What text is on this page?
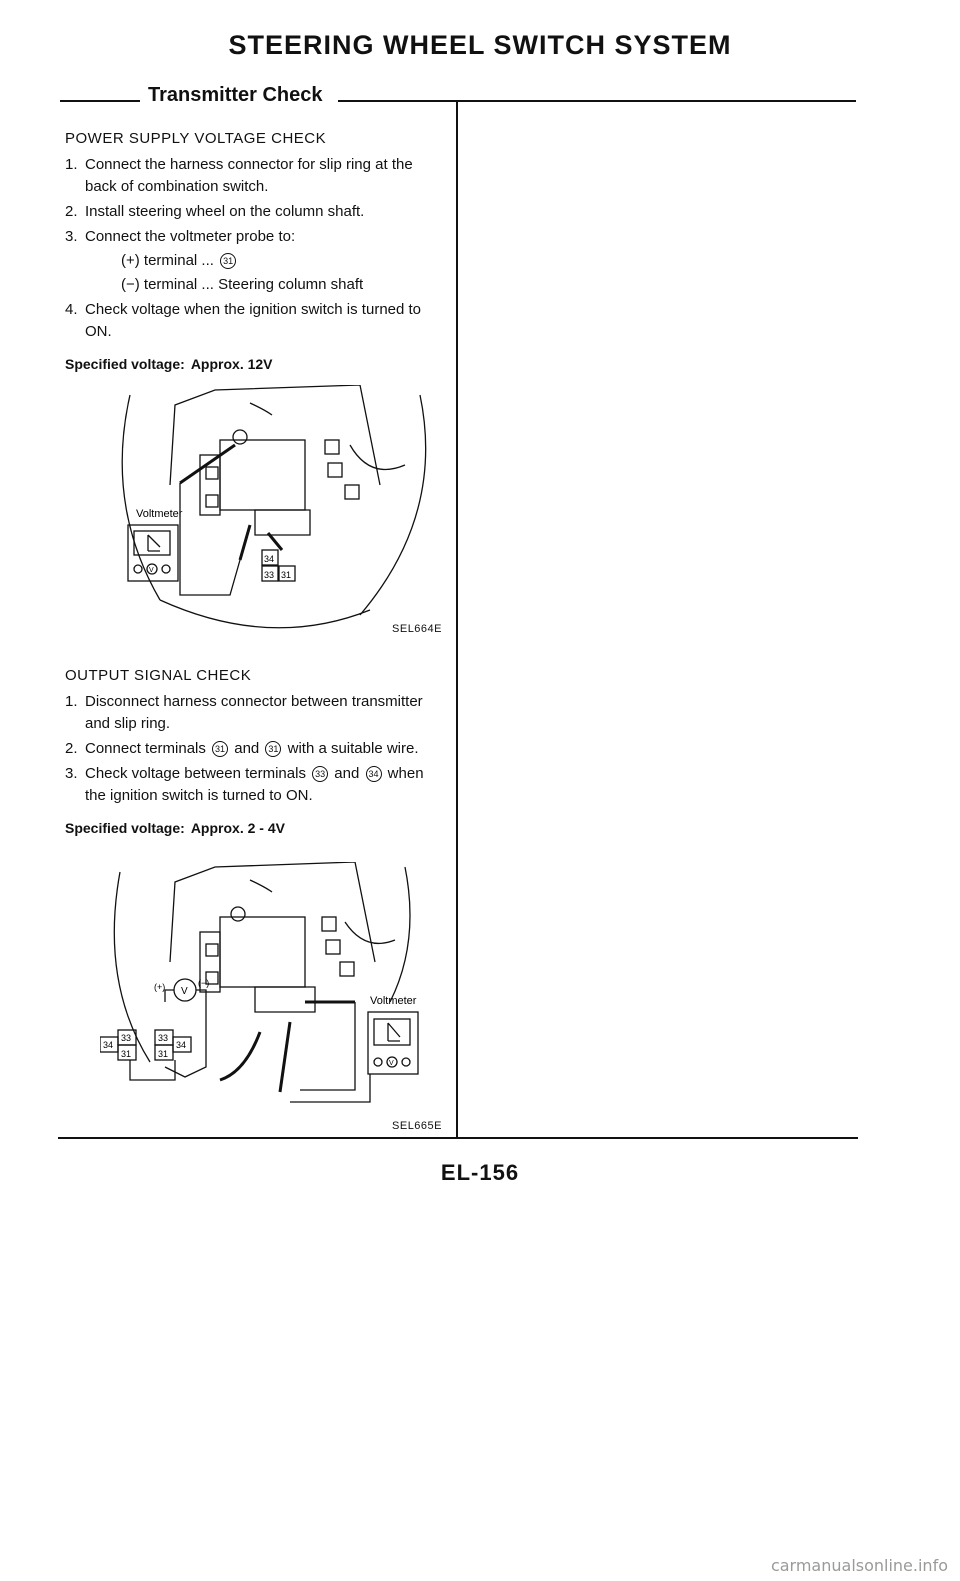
STEERING WHEEL SWITCH SYSTEM
Transmitter Check
POWER SUPPLY VOLTAGE CHECK
1. Connect the harness connector for slip ring at the back of combination switch.
2. Install steering wheel on the column shaft.
3. Connect the voltmeter probe to:
(+) terminal ... 31
(−) terminal ... Steering column shaft
4. Check voltage when the ignition switch is turned to ON.
Specified voltage: Approx. 12V
Voltmeter
V
34
33 31
SEL664E
OUTPUT SIGNAL CHECK
1. Disconnect harness connector between transmitter and slip ring.
2. Connect terminals 31 and 31 with a suitable wire.
3. Check voltage between terminals 33 and 34 when the ignition switch is turned to ON.
Specified voltage: Approx. 2 - 4V
Voltmeter
(+)	(−)
V
V
33
34
31
33
34
31
SEL665E
EL-156
carmanualsonline.info
